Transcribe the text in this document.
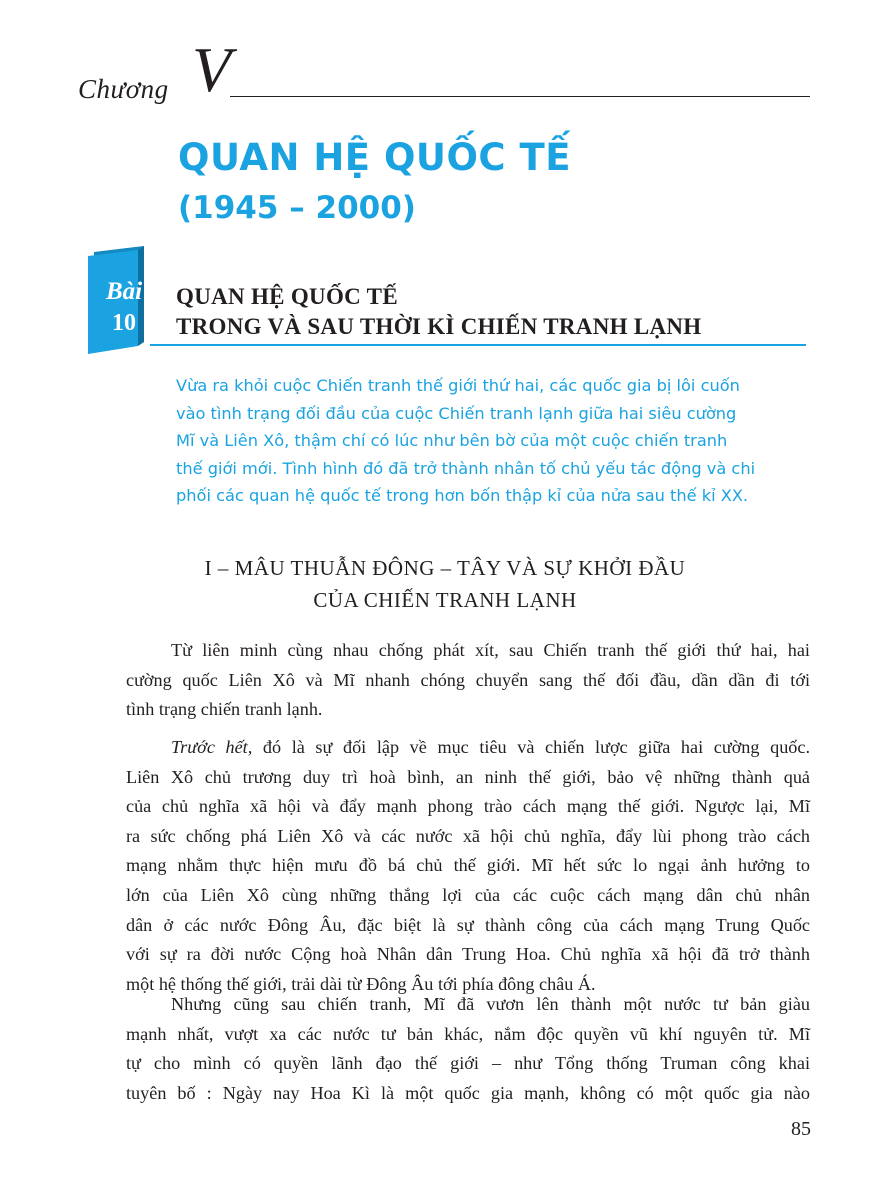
Chương V
QUAN HỆ QUỐC TẾ
(1945 – 2000)
Bài
10
QUAN HỆ QUỐC TẾ
TRONG VÀ SAU THỜI KÌ CHIẾN TRANH LẠNH
Vừa ra khỏi cuộc Chiến tranh thế giới thứ hai, các quốc gia bị lôi cuốn
vào tình trạng đối đầu của cuộc Chiến tranh lạnh giữa hai siêu cường
Mĩ và Liên Xô, thậm chí có lúc như bên bờ của một cuộc chiến tranh
thế giới mới. Tình hình đó đã trở thành nhân tố chủ yếu tác động và chi
phối các quan hệ quốc tế trong hơn bốn thập kỉ của nửa sau thế kỉ XX.
I – MÂU THUẪN ĐÔNG – TÂY VÀ SỰ KHỞI ĐẦU
CỦA CHIẾN TRANH LẠNH
Từ liên minh cùng nhau chống phát xít, sau Chiến tranh thế giới thứ hai, hai
cường quốc Liên Xô và Mĩ nhanh chóng chuyển sang thế đối đầu, dần dần đi tới
tình trạng chiến tranh lạnh.
Trước hết, đó là sự đối lập về mục tiêu và chiến lược giữa hai cường quốc.
Liên Xô chủ trương duy trì hoà bình, an ninh thế giới, bảo vệ những thành quả
của chủ nghĩa xã hội và đẩy mạnh phong trào cách mạng thế giới. Ngược lại, Mĩ
ra sức chống phá Liên Xô và các nước xã hội chủ nghĩa, đẩy lùi phong trào cách
mạng nhằm thực hiện mưu đồ bá chủ thế giới. Mĩ hết sức lo ngại ảnh hưởng to
lớn của Liên Xô cùng những thắng lợi của các cuộc cách mạng dân chủ nhân
dân ở các nước Đông Âu, đặc biệt là sự thành công của cách mạng Trung Quốc
với sự ra đời nước Cộng hoà Nhân dân Trung Hoa. Chủ nghĩa xã hội đã trở thành
một hệ thống thế giới, trải dài từ Đông Âu tới phía đông châu Á.
Nhưng cũng sau chiến tranh, Mĩ đã vươn lên thành một nước tư bản giàu
mạnh nhất, vượt xa các nước tư bản khác, nắm độc quyền vũ khí nguyên tử. Mĩ
tự cho mình có quyền lãnh đạo thế giới – như Tổng thống Truman công khai
tuyên bố : Ngày nay Hoa Kì là một quốc gia mạnh, không có một quốc gia nào
85
